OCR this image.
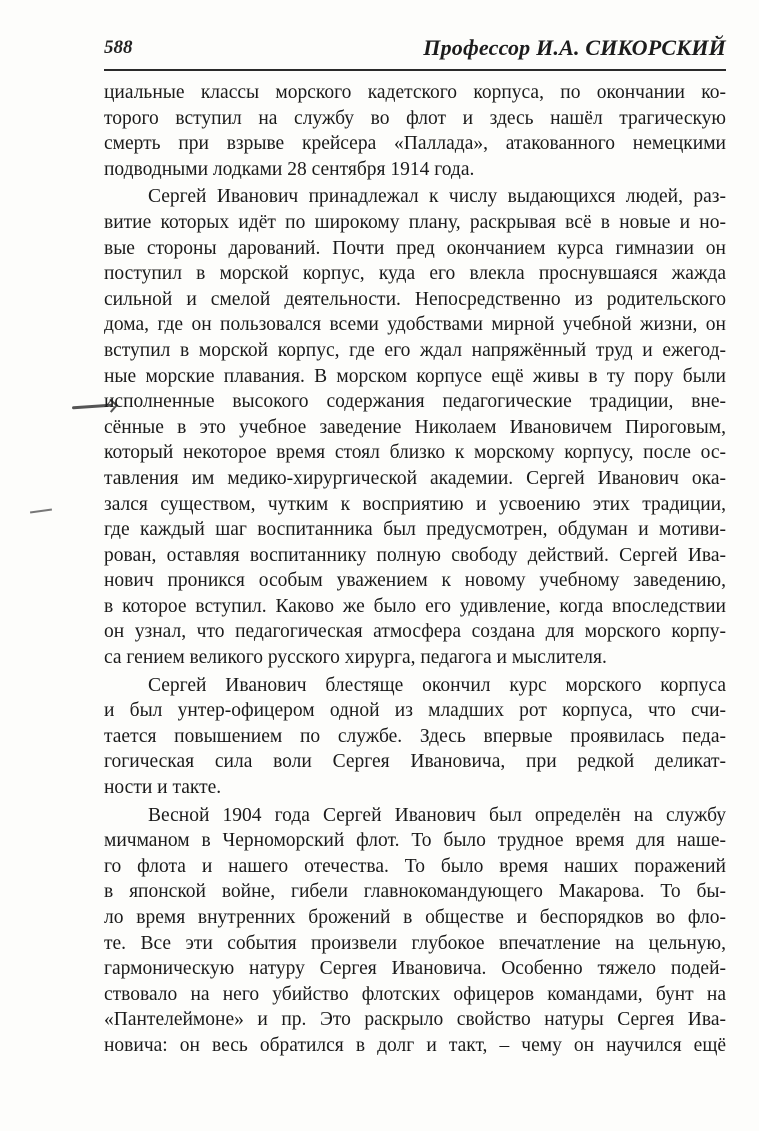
588	Профессор И.А. СИКОРСКИЙ
циальные классы морского кадетского корпуса, по окончании ко-
торого вступил на службу во флот и здесь нашёл трагическую
смерть при взрыве крейсера «Паллада», атакованного немецкими
подводными лодками 28 сентября 1914 года.
Сергей Иванович принадлежал к числу выдающихся людей, раз-
витие которых идёт по широкому плану, раскрывая всё в новые и но-
вые стороны дарований. Почти пред окончанием курса гимназии он
поступил в морской корпус, куда его влекла проснувшаяся жажда
сильной и смелой деятельности. Непосредственно из родительского
дома, где он пользовался всеми удобствами мирной учебной жизни, он
вступил в морской корпус, где его ждал напряжённый труд и ежегод-
ные морские плавания. В морском корпусе ещё живы в ту пору были
исполненные высокого содержания педагогические традиции, вне-
сённые в это учебное заведение Николаем Ивановичем Пироговым,
который некоторое время стоял близко к морскому корпусу, после ос-
тавления им медико-хирургической академии. Сергей Иванович ока-
зался существом, чутким к восприятию и усвоению этих традиции,
где каждый шаг воспитанника был предусмотрен, обдуман и мотиви-
рован, оставляя воспитаннику полную свободу действий. Сергей Ива-
нович проникся особым уважением к новому учебному заведению,
в которое вступил. Каково же было его удивление, когда впоследствии
он узнал, что педагогическая атмосфера создана для морского корпу-
са гением великого русского хирурга, педагога и мыслителя.
Сергей Иванович блестяще окончил курс морского корпуса
и был унтер-офицером одной из младших рот корпуса, что счи-
тается повышением по службе. Здесь впервые проявилась педа-
гогическая сила воли Сергея Ивановича, при редкой деликат-
ности и такте.
Весной 1904 года Сергей Иванович был определён на службу
мичманом в Черноморский флот. То было трудное время для наше-
го флота и нашего отечества. То было время наших поражений
в японской войне, гибели главнокомандующего Макарова. То бы-
ло время внутренних брожений в обществе и беспорядков во фло-
те. Все эти события произвели глубокое впечатление на цельную,
гармоническую натуру Сергея Ивановича. Особенно тяжело подей-
ствовало на него убийство флотских офицеров командами, бунт на
«Пантелеймоне» и пр. Это раскрыло свойство натуры Сергея Ива-
новича: он весь обратился в долг и такт, – чему он научился ещё
